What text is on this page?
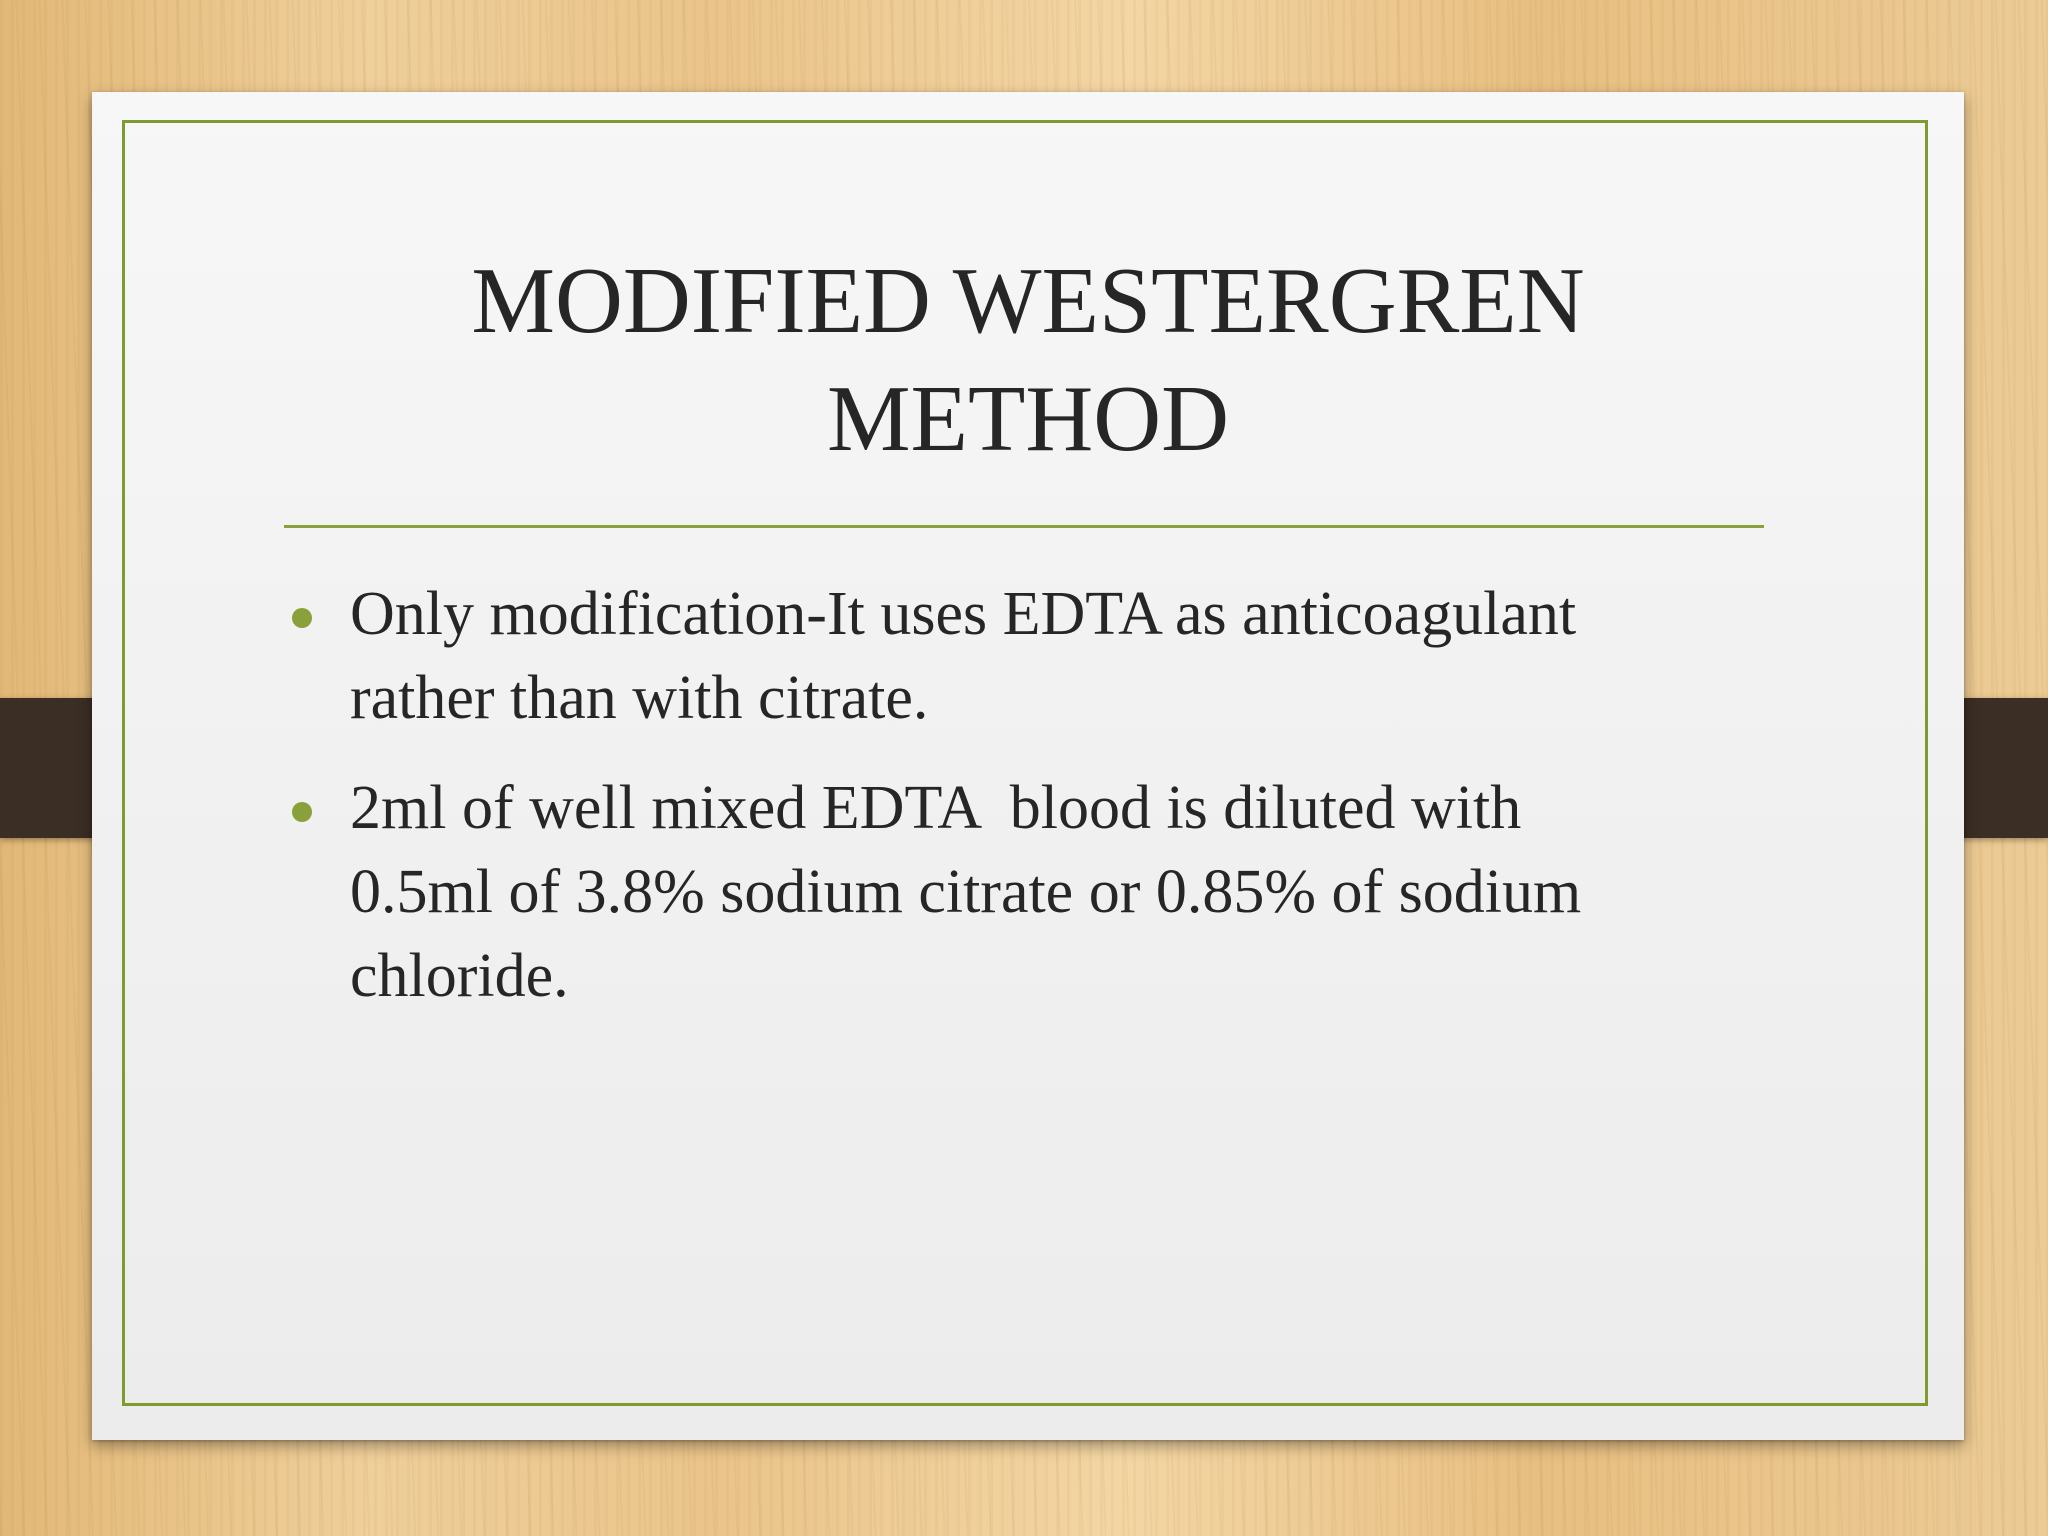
MODIFIED WESTERGREN
METHOD
Only modification-It uses EDTA as anticoagulant
rather than with citrate.
2ml of well mixed EDTA  blood is diluted with
0.5ml of 3.8% sodium citrate or 0.85% of sodium
chloride.
